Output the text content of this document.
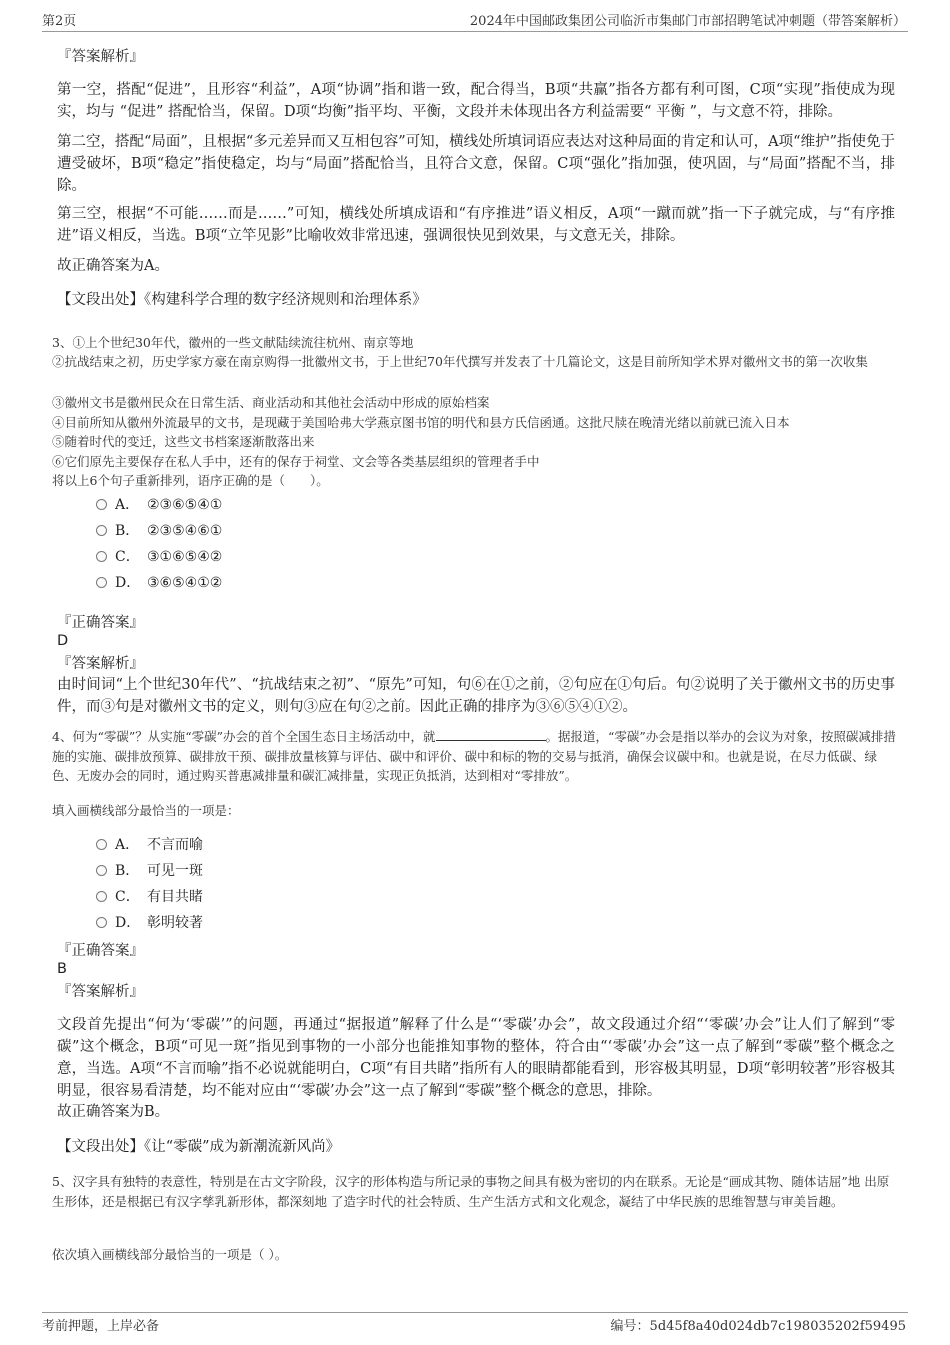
第2页	2024年中国邮政集团公司临沂市集邮门市部招聘笔试冲刺题（带答案解析）
『答案解析』

第一空，搭配“促进”，且形容“利益”，A项“协调”指和谐一致，配合得当，B项“共赢”指各方都有利可图，C项“实现”指使成为现实，均与 “促进” 搭配恰当，保留。D项“均衡”指平均、平衡，文段并未体现出各方利益需要“ 平衡 ”，与文意不符，排除。

第二空，搭配“局面”，且根据“多元差异而又互相包容”可知，横线处所填词语应表达对这种局面的肯定和认可，A项“维护”指使免于遭受破坏，B项“稳定”指使稳定，均与“局面”搭配恰当，且符合文意，保留。C项“强化”指加强，使巩固，与“局面”搭配不当，排除。

第三空，根据“不可能……而是……”可知，横线处所填成语和“有序推进”语义相反，A项“一蹴而就”指一下子就完成，与“有序推进”语义相反，当选。B项“立竿见影”比喻收效非常迅速，强调很快见到效果，与文意无关，排除。

故正确答案为A。

【文段出处】《构建科学合理的数字经济规则和治理体系》

3、①上个世纪30年代，徽州的一些文献陆续流往杭州、南京等地

②抗战结束之初，历史学家方豪在南京购得一批徽州文书，于上世纪70年代撰写并发表了十几篇论文，这是目前所知学术界对徽州文书的第一次收集

③徽州文书是徽州民众在日常生活、商业活动和其他社会活动中形成的原始档案

④目前所知从徽州外流最早的文书，是现藏于美国哈弗大学燕京图书馆的明代和县方氏信函通。这批尺牍在晚清光绪以前就已流入日本

⑤随着时代的变迁，这些文书档案逐渐散落出来

⑥它们原先主要保存在私人手中，还有的保存于祠堂、文会等各类基层组织的管理者手中

将以上6个句子重新排列，语序正确的是（　　）。

A． ②③⑥⑤④①
B． ②③⑤④⑥①
C． ③①⑥⑤④②
D． ③⑥⑤④①②
『正确答案』
D
『答案解析』

由时间词“上个世纪30年代”、“抗战结束之初”、“原先”可知，句⑥在①之前，②句应在①句后。句②说明了关于徽州文书的历史事件，而③句是对徽州文书的定义，则句③应在句②之前。因此正确的排序为③⑥⑤④①②。

4、何为“零碳”？从实施“零碳”办会的首个全国生态日主场活动中，就	。据报道，“零碳”办会是指以举办的会议为对象，按照碳减排措施的实施、碳排放预算、碳排放干预、碳排放量核算与评估、碳中和评价、碳中和标的物的交易与抵消，确保会议碳中和。也就是说，在尽力低碳、绿色、无废办会的同时，通过购买普惠减排量和碳汇减排量，实现正负抵消，达到相对“零排放”。

填入画横线部分最恰当的一项是：

A． 不言而喻
B． 可见一斑
C． 有目共睹
D． 彰明较著
『正确答案』
B
『答案解析』

文段首先提出“何为‘零碳’”的问题，再通过“据报道”解释了什么是“‘零碳’办会”，故文段通过介绍“‘零碳’办会”让人们了解到“零碳”这个概念，B项“可见一斑”指见到事物的一小部分也能推知事物的整体，符合由“‘零碳’办会”这一点了解到“零碳”整个概念之意，当选。A项“不言而喻”指不必说就能明白，C项“有目共睹”指所有人的眼睛都能看到，形容极其明显，D项“彰明较著”形容极其明显，很容易看清楚，均不能对应由“‘零碳’办会”这一点了解到“零碳”整个概念的意思，排除。

故正确答案为B。

【文段出处】《让“零碳”成为新潮流新风尚》

5、汉字具有独特的表意性，特别是在古文字阶段，汉字的形体构造与所记录的事物之间具有极为密切的内在联系。无论是“画成其物、随体诘屈”地 出原生形体，还是根据已有汉字孳乳新形体，都深刻地 了造字时代的社会特质、生产生活方式和文化观念，凝结了中华民族的思维智慧与审美旨趣。

依次填入画横线部分最恰当的一项是（ ）。

考前押题，上岸必备	编号：5d45f8a40d024db7c198035202f59495
